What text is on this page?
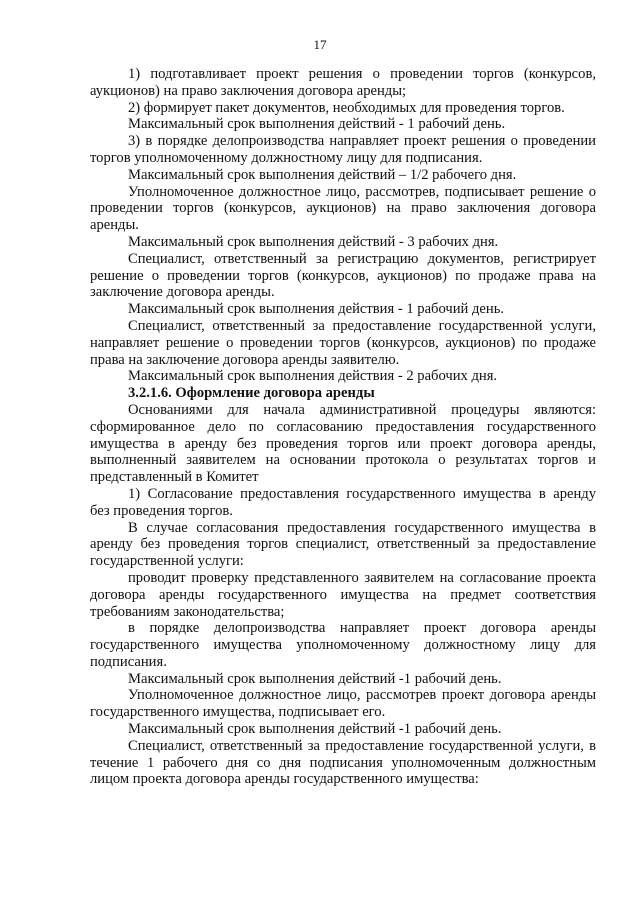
17

1) подготавливает проект решения о проведении торгов (конкурсов, аукционов) на право заключения договора аренды;

2) формирует пакет документов, необходимых для проведения торгов.

Максимальный срок выполнения действий - 1 рабочий день.

3) в порядке делопроизводства направляет проект решения о проведении торгов уполномоченному должностному лицу для подписания.

Максимальный срок выполнения действий – 1/2 рабочего дня.

Уполномоченное должностное лицо, рассмотрев, подписывает решение о проведении торгов (конкурсов, аукционов) на право заключения договора аренды.

Максимальный срок выполнения действий - 3 рабочих дня.

Специалист, ответственный за регистрацию документов, регистрирует решение о проведении торгов (конкурсов, аукционов) по продаже права на заключение договора аренды.

Максимальный срок выполнения действия - 1 рабочий день.

Специалист, ответственный за предоставление государственной услуги, направляет решение о проведении торгов (конкурсов, аукционов) по продаже права на заключение договора аренды заявителю.

Максимальный срок выполнения действия - 2 рабочих дня.

3.2.1.6. Оформление договора аренды

Основаниями для начала административной процедуры являются: сформированное дело по согласованию предоставления государственного имущества в аренду без проведения торгов или проект договора аренды, выполненный заявителем на основании протокола о результатах торгов и представленный в Комитет

1) Согласование предоставления государственного имущества в аренду без проведения торгов.

В случае согласования предоставления государственного имущества в аренду без проведения торгов специалист, ответственный за предоставление государственной услуги:

проводит проверку представленного заявителем на согласование проекта договора аренды государственного имущества на предмет соответствия требованиям законодательства;

в порядке делопроизводства направляет проект договора аренды государственного имущества уполномоченному должностному лицу для подписания.

Максимальный срок выполнения действий -1 рабочий день.

Уполномоченное должностное лицо, рассмотрев проект договора аренды государственного имущества, подписывает его.

Максимальный срок выполнения действий -1 рабочий день.

Специалист, ответственный за предоставление государственной услуги, в течение 1 рабочего дня со дня подписания уполномоченным должностным лицом проекта договора аренды государственного имущества:
